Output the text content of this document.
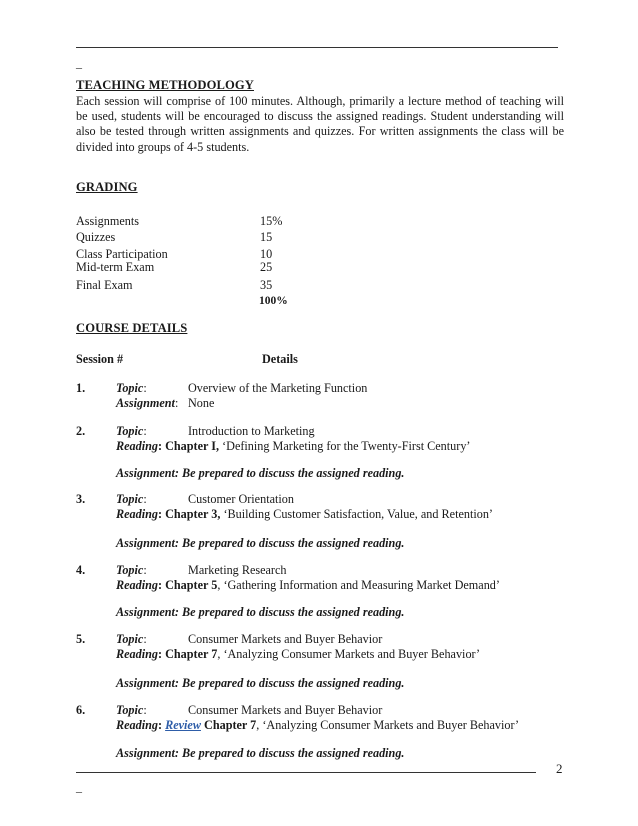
_
TEACHING METHODOLOGY
Each session will comprise of 100 minutes. Although, primarily a lecture method of teaching will be used, students will be encouraged to discuss the assigned readings. Student understanding will also be tested through written assignments and quizzes. For written assignments the class will be divided into groups of 4-5 students.
GRADING
Assignments	15%
Quizzes	15
Class Participation	10
Mid-term Exam	25
Final Exam	35
100%
COURSE DETAILS
Session #	Details
1.	Topic:	Overview of the Marketing Function
Assignment: None
2.	Topic:	Introduction to Marketing
Reading: Chapter I, ‘Defining Marketing for the Twenty-First Century’
Assignment: Be prepared to discuss the assigned reading.
3.	Topic:	Customer Orientation
Reading: Chapter 3, ‘Building Customer Satisfaction, Value, and Retention’
Assignment: Be prepared to discuss the assigned reading.
4.	Topic:	Marketing Research
Reading: Chapter 5, ‘Gathering Information and Measuring Market Demand’
Assignment: Be prepared to discuss the assigned reading.
5.	Topic:	Consumer Markets and Buyer Behavior
Reading: Chapter 7, ‘Analyzing Consumer Markets and Buyer Behavior’
Assignment: Be prepared to discuss the assigned reading.
6.	Topic:	Consumer Markets and Buyer Behavior
Reading: Review Chapter 7, ‘Analyzing Consumer Markets and Buyer Behavior’
Assignment: Be prepared to discuss the assigned reading.
_
2
